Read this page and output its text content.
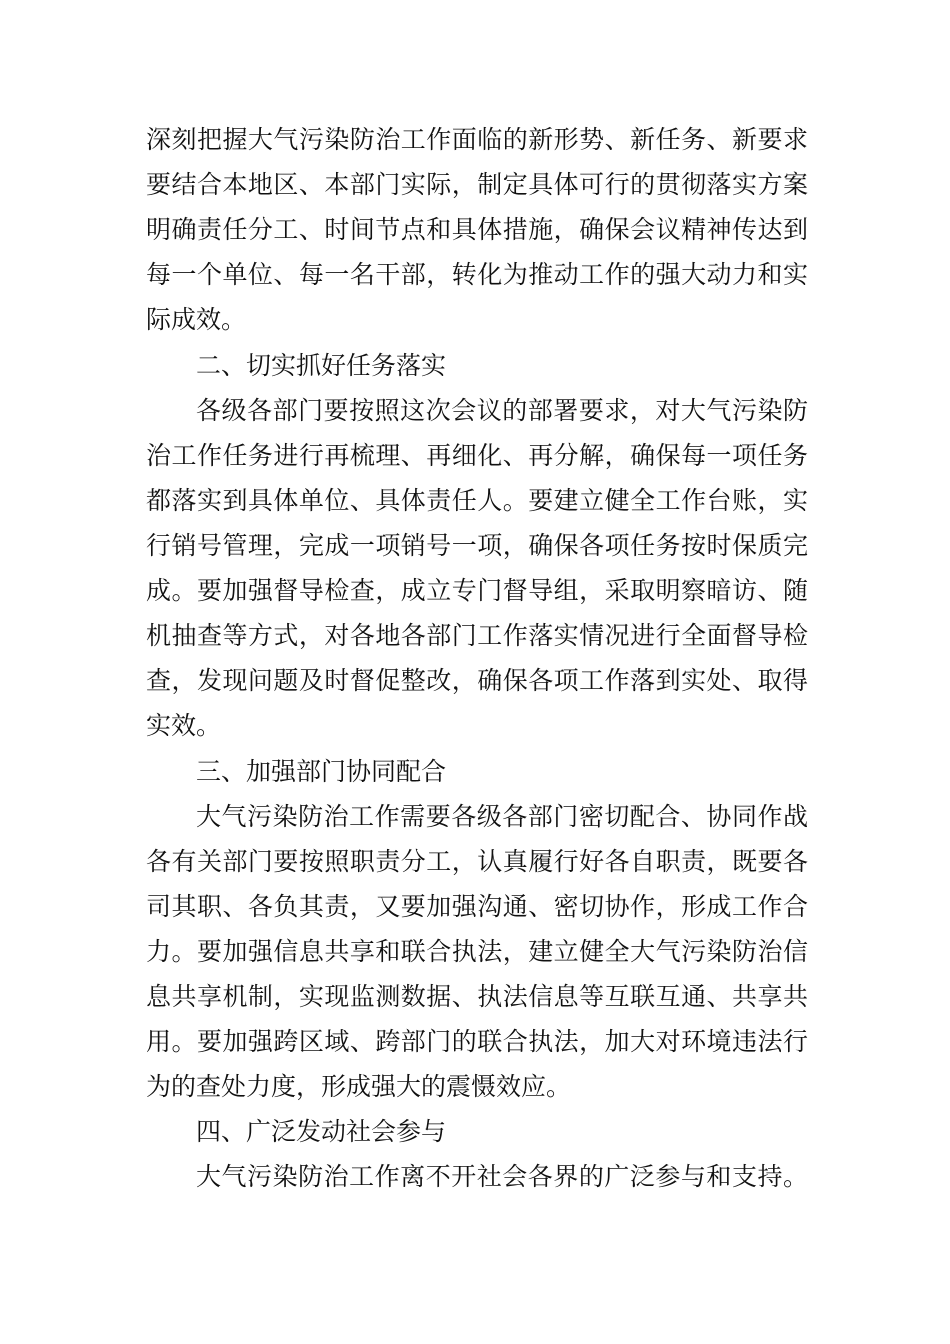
深刻把握大气污染防治工作面临的新形势、新任务、新要求
要结合本地区、本部门实际，制定具体可行的贯彻落实方案
明确责任分工、时间节点和具体措施，确保会议精神传达到
每一个单位、每一名干部，转化为推动工作的强大动力和实
际成效。
二、切实抓好任务落实
各级各部门要按照这次会议的部署要求，对大气污染防
治工作任务进行再梳理、再细化、再分解，确保每一项任务
都落实到具体单位、具体责任人。要建立健全工作台账，实
行销号管理，完成一项销号一项，确保各项任务按时保质完
成。要加强督导检查，成立专门督导组，采取明察暗访、随
机抽查等方式，对各地各部门工作落实情况进行全面督导检
查，发现问题及时督促整改，确保各项工作落到实处、取得
实效。
三、加强部门协同配合
大气污染防治工作需要各级各部门密切配合、协同作战
各有关部门要按照职责分工，认真履行好各自职责，既要各
司其职、各负其责，又要加强沟通、密切协作，形成工作合
力。要加强信息共享和联合执法，建立健全大气污染防治信
息共享机制，实现监测数据、执法信息等互联互通、共享共
用。要加强跨区域、跨部门的联合执法，加大对环境违法行
为的查处力度，形成强大的震慑效应。
四、广泛发动社会参与
大气污染防治工作离不开社会各界的广泛参与和支持。
